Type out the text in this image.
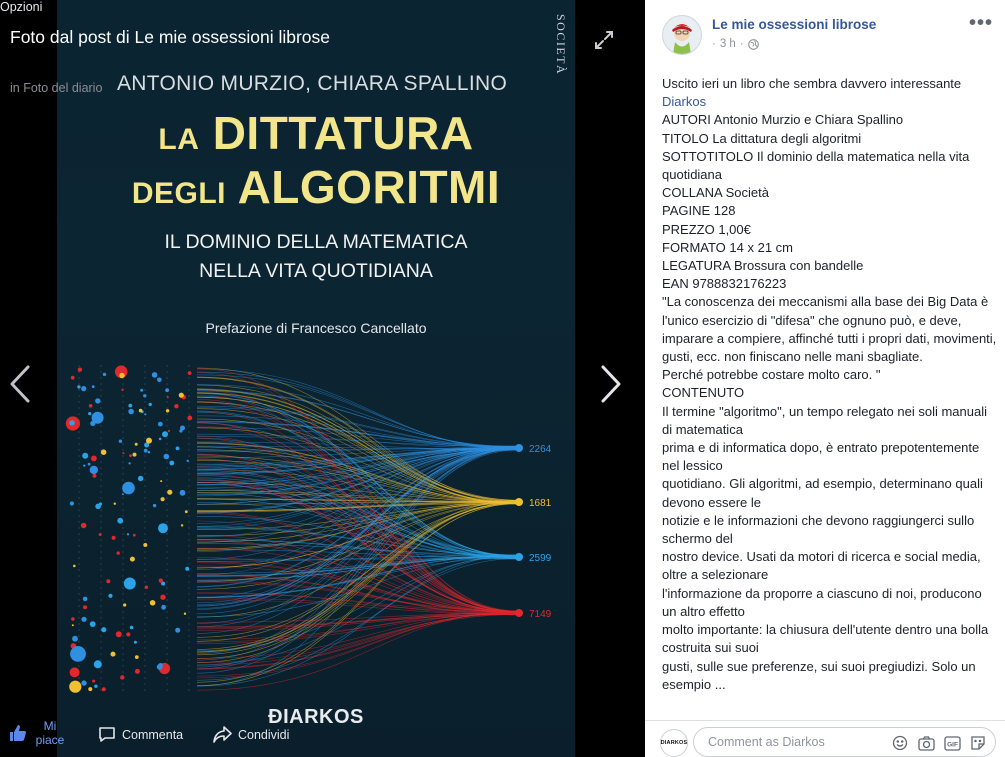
SOCIETÀ
ANTONIO MURZIO, CHIARA SPALLINO
LA DITTATURA
DEGLI ALGORITMI
IL DOMINIO DELLA MATEMATICA
NELLA VITA QUOTIDIANA
Prefazione di Francesco Cancellato
2264
1681
2599
7149
ÐIARKOS
Foto dal post di Le mie ossessioni librose
in Foto del diario
Mi piace	Commenta	Condividi
Opzioni
Le mie ossessioni librose
· 3 h ·
•••
Uscito ieri un libro che sembra davvero interessante
Diarkos
AUTORI Antonio Murzio e Chiara Spallino
TITOLO La dittatura degli algoritmi
SOTTOTITOLO Il dominio della matematica nella vita quotidiana
COLLANA Società
PAGINE 128
PREZZO 1,00€
FORMATO 14 x 21 cm
LEGATURA Brossura con bandelle
EAN 9788832176223
"La conoscenza dei meccanismi alla base dei Big Data è
l'unico esercizio di "difesa" che ognuno può, e deve, imparare a compiere, affinché tutti i propri dati, movimenti, gusti, ecc. non finiscano nelle mani sbagliate.
Perché potrebbe costare molto caro. "
CONTENUTO
Il termine "algoritmo", un tempo relegato nei soli manuali di matematica
prima e di informatica dopo, è entrato prepotentemente nel lessico
quotidiano. Gli algoritmi, ad esempio, determinano quali devono essere le
notizie e le informazioni che devono raggiungerci sullo schermo del
nostro device. Usati da motori di ricerca e social media, oltre a selezionare
l'informazione da proporre a ciascuno di noi, producono un altro effetto
molto importante: la chiusura dell'utente dentro una bolla costruita sui suoi
gusti, sulle sue preferenze, sui suoi pregiudizi. Solo un esempio ...
DIARKOS
Comment as Diarkos	GIF
